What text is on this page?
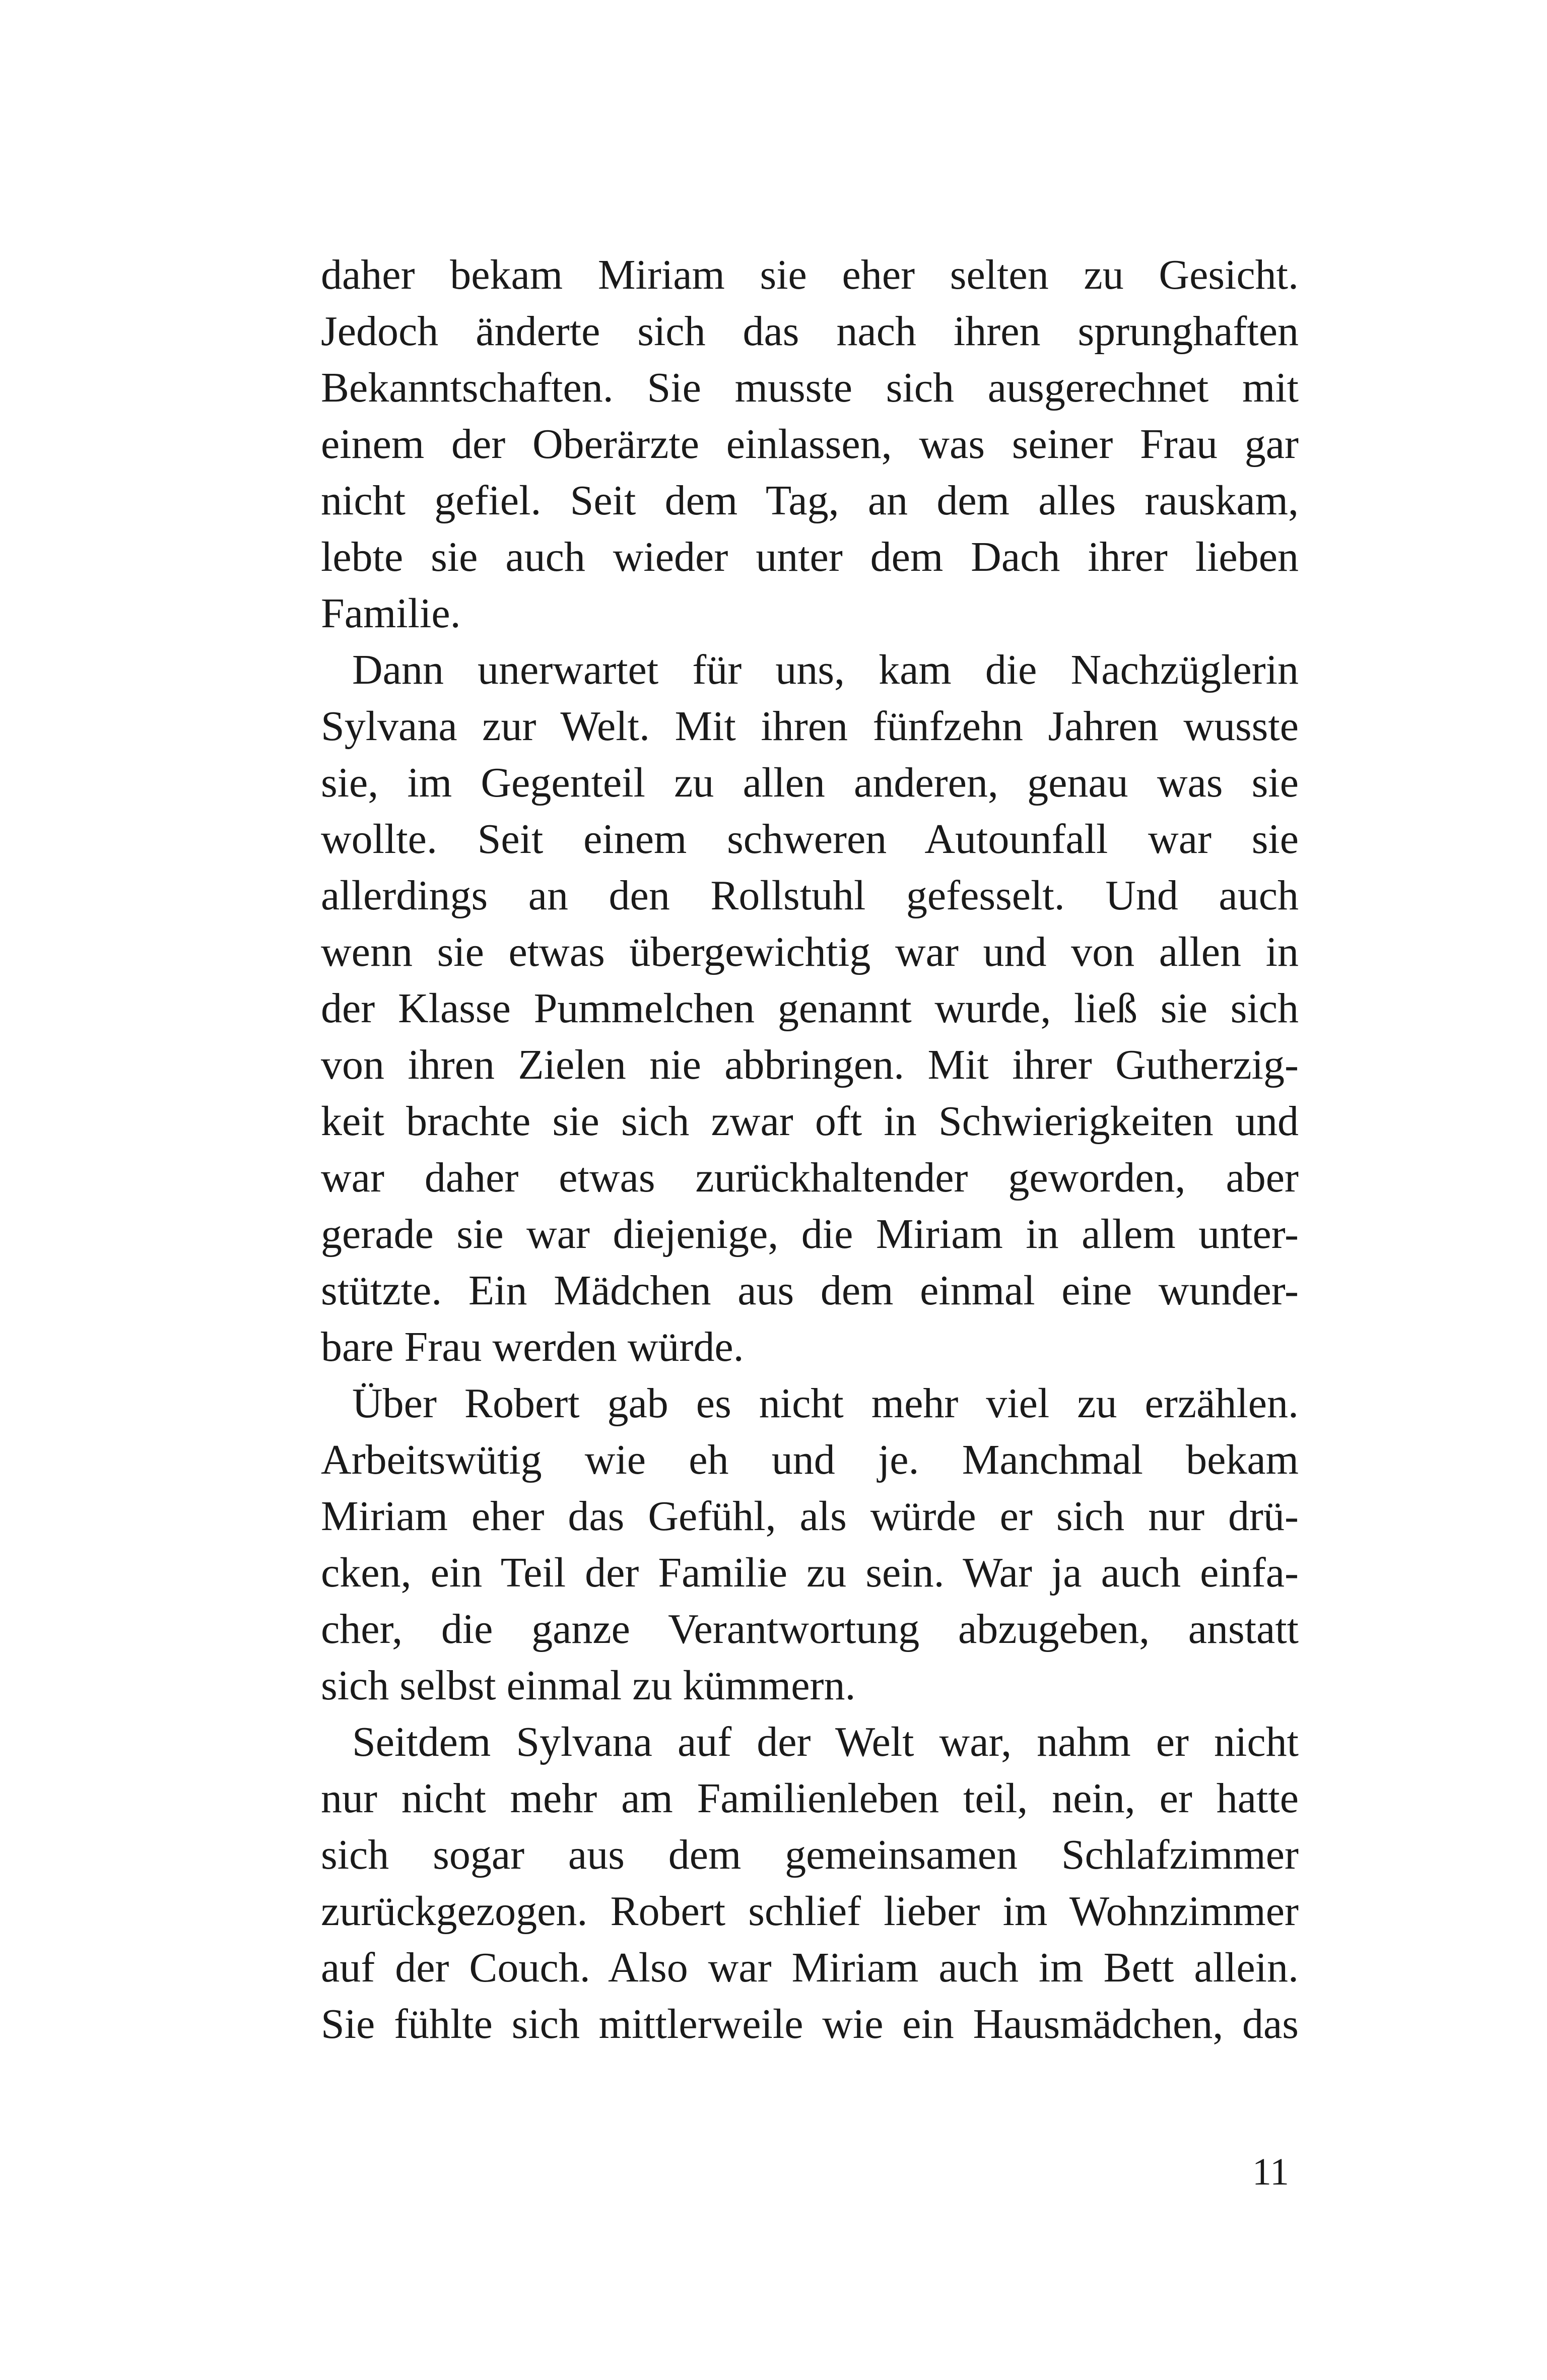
daher bekam Miriam sie eher selten zu Gesicht.
Jedoch änderte sich das nach ihren sprunghaften
Bekanntschaften. Sie musste sich ausgerechnet mit
einem der Oberärzte einlassen, was seiner Frau gar
nicht gefiel. Seit dem Tag, an dem alles rauskam,
lebte sie auch wieder unter dem Dach ihrer lieben
Familie.
Dann unerwartet für uns, kam die Nachzüglerin
Sylvana zur Welt. Mit ihren fünfzehn Jahren wusste
sie, im Gegenteil zu allen anderen, genau was sie
wollte. Seit einem schweren Autounfall war sie
allerdings an den Rollstuhl gefesselt. Und auch
wenn sie etwas übergewichtig war und von allen in
der Klasse Pummelchen genannt wurde, ließ sie sich
von ihren Zielen nie abbringen. Mit ihrer Gutherzig-
keit brachte sie sich zwar oft in Schwierigkeiten und
war daher etwas zurückhaltender geworden, aber
gerade sie war diejenige, die Miriam in allem unter-
stützte. Ein Mädchen aus dem einmal eine wunder-
bare Frau werden würde.
Über Robert gab es nicht mehr viel zu erzählen.
Arbeitswütig wie eh und je. Manchmal bekam
Miriam eher das Gefühl, als würde er sich nur drü-
cken, ein Teil der Familie zu sein. War ja auch einfa-
cher, die ganze Verantwortung abzugeben, anstatt
sich selbst einmal zu kümmern.
Seitdem Sylvana auf der Welt war, nahm er nicht
nur nicht mehr am Familienleben teil, nein, er hatte
sich sogar aus dem gemeinsamen Schlafzimmer
zurückgezogen. Robert schlief lieber im Wohnzimmer
auf der Couch. Also war Miriam auch im Bett allein.
Sie fühlte sich mittlerweile wie ein Hausmädchen, das
11
